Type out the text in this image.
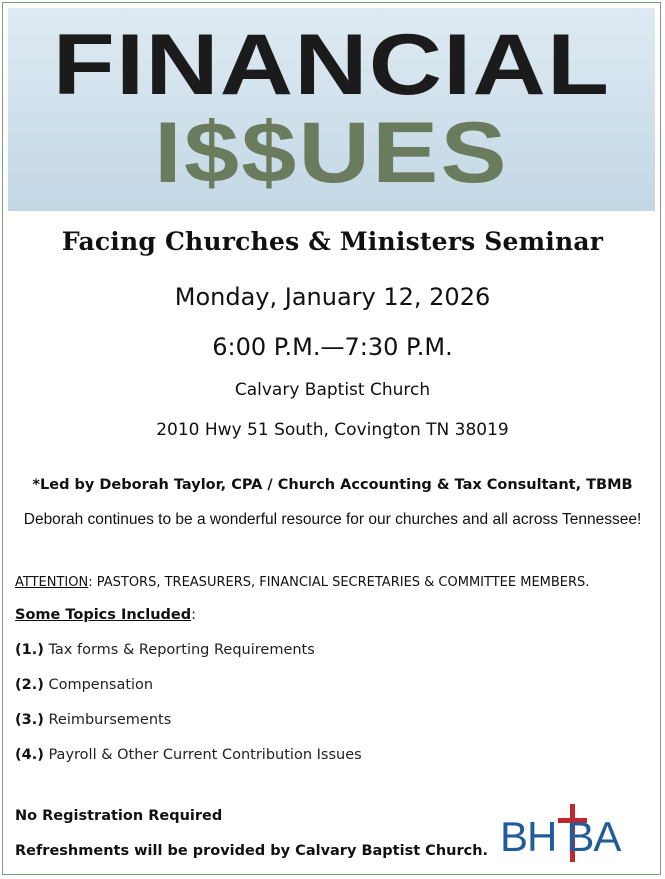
FINANCIAL
I$$UES
Facing Churches & Ministers Seminar
Monday, January 12, 2026
6:00 P.M.—7:30 P.M.
Calvary Baptist Church
2010 Hwy 51 South, Covington TN 38019
*Led by Deborah Taylor, CPA / Church Accounting & Tax Consultant, TBMB
Deborah continues to be a wonderful resource for our churches and all across Tennessee!
ATTENTION: PASTORS, TREASURERS, FINANCIAL SECRETARIES & COMMITTEE MEMBERS.
Some Topics Included:
(1.) Tax forms & Reporting Requirements
(2.) Compensation
(3.) Reimbursements
(4.) Payroll & Other Current Contribution Issues
No Registration Required
Refreshments will be provided by Calvary Baptist Church. BH BA
